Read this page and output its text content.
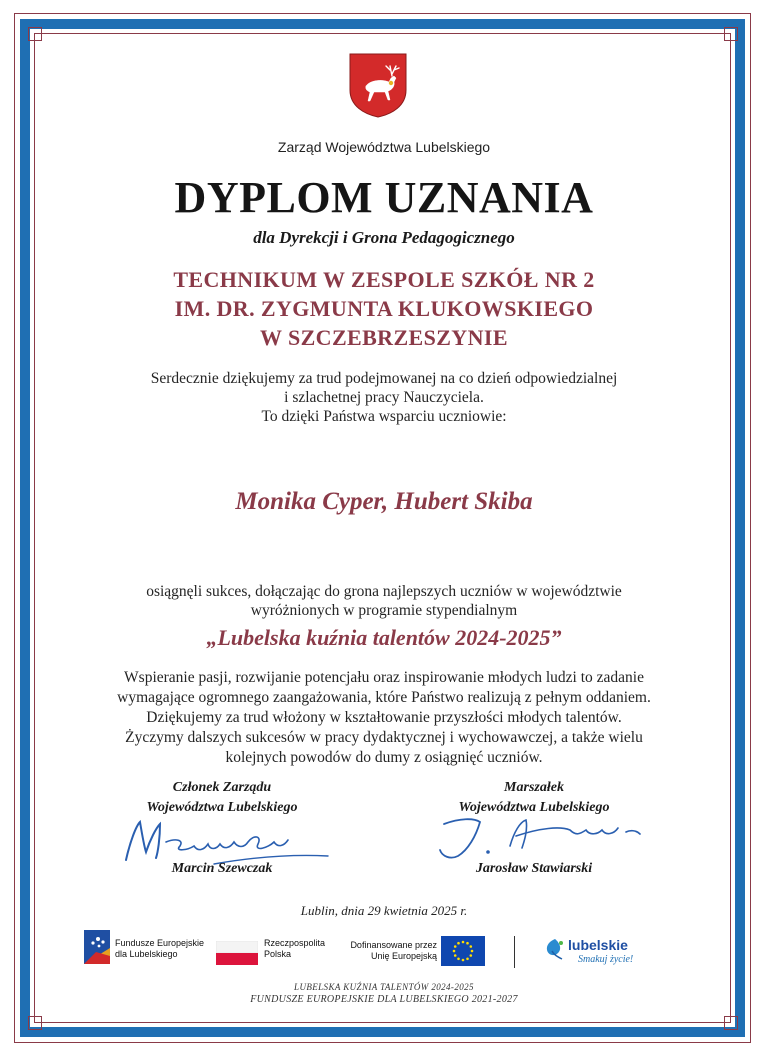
Zarząd Województwa Lubelskiego
DYPLOM UZNANIA
dla Dyrekcji i Grona Pedagogicznego
TECHNIKUM W ZESPOLE SZKÓŁ NR 2
IM. DR. ZYGMUNTA KLUKOWSKIEGO
W SZCZEBRZESZYNIE
Serdecznie dziękujemy za trud podejmowanej na co dzień odpowiedzialnej
i szlachetnej pracy Nauczyciela.
To dzięki Państwa wsparciu uczniowie:
Monika Cyper, Hubert Skiba
osiągnęli sukces, dołączając do grona najlepszych uczniów w województwie
wyróżnionych w programie stypendialnym
„Lubelska kuźnia talentów 2024-2025”
Wspieranie pasji, rozwijanie potencjału oraz inspirowanie młodych ludzi to zadanie
wymagające ogromnego zaangażowania, które Państwo realizują z pełnym oddaniem.
Dziękujemy za trud włożony w kształtowanie przyszłości młodych talentów.
Życzymy dalszych sukcesów w pracy dydaktycznej i wychowawczej, a także wielu
kolejnych powodów do dumy z osiągnięć uczniów.
Członek Zarządu
Województwa Lubelskiego
Marcin Szewczak
Marszałek
Województwa Lubelskiego
Jarosław Stawiarski
Lublin, dnia 29 kwietnia 2025 r.
Fundusze Europejskie
dla Lubelskiego
Rzeczpospolita
Polska
Dofinansowane przez
Unię Europejską
lubelskie
Smakuj życie!
LUBELSKA KUŹNIA TALENTÓW 2024-2025
FUNDUSZE EUROPEJSKIE DLA LUBELSKIEGO 2021-2027
